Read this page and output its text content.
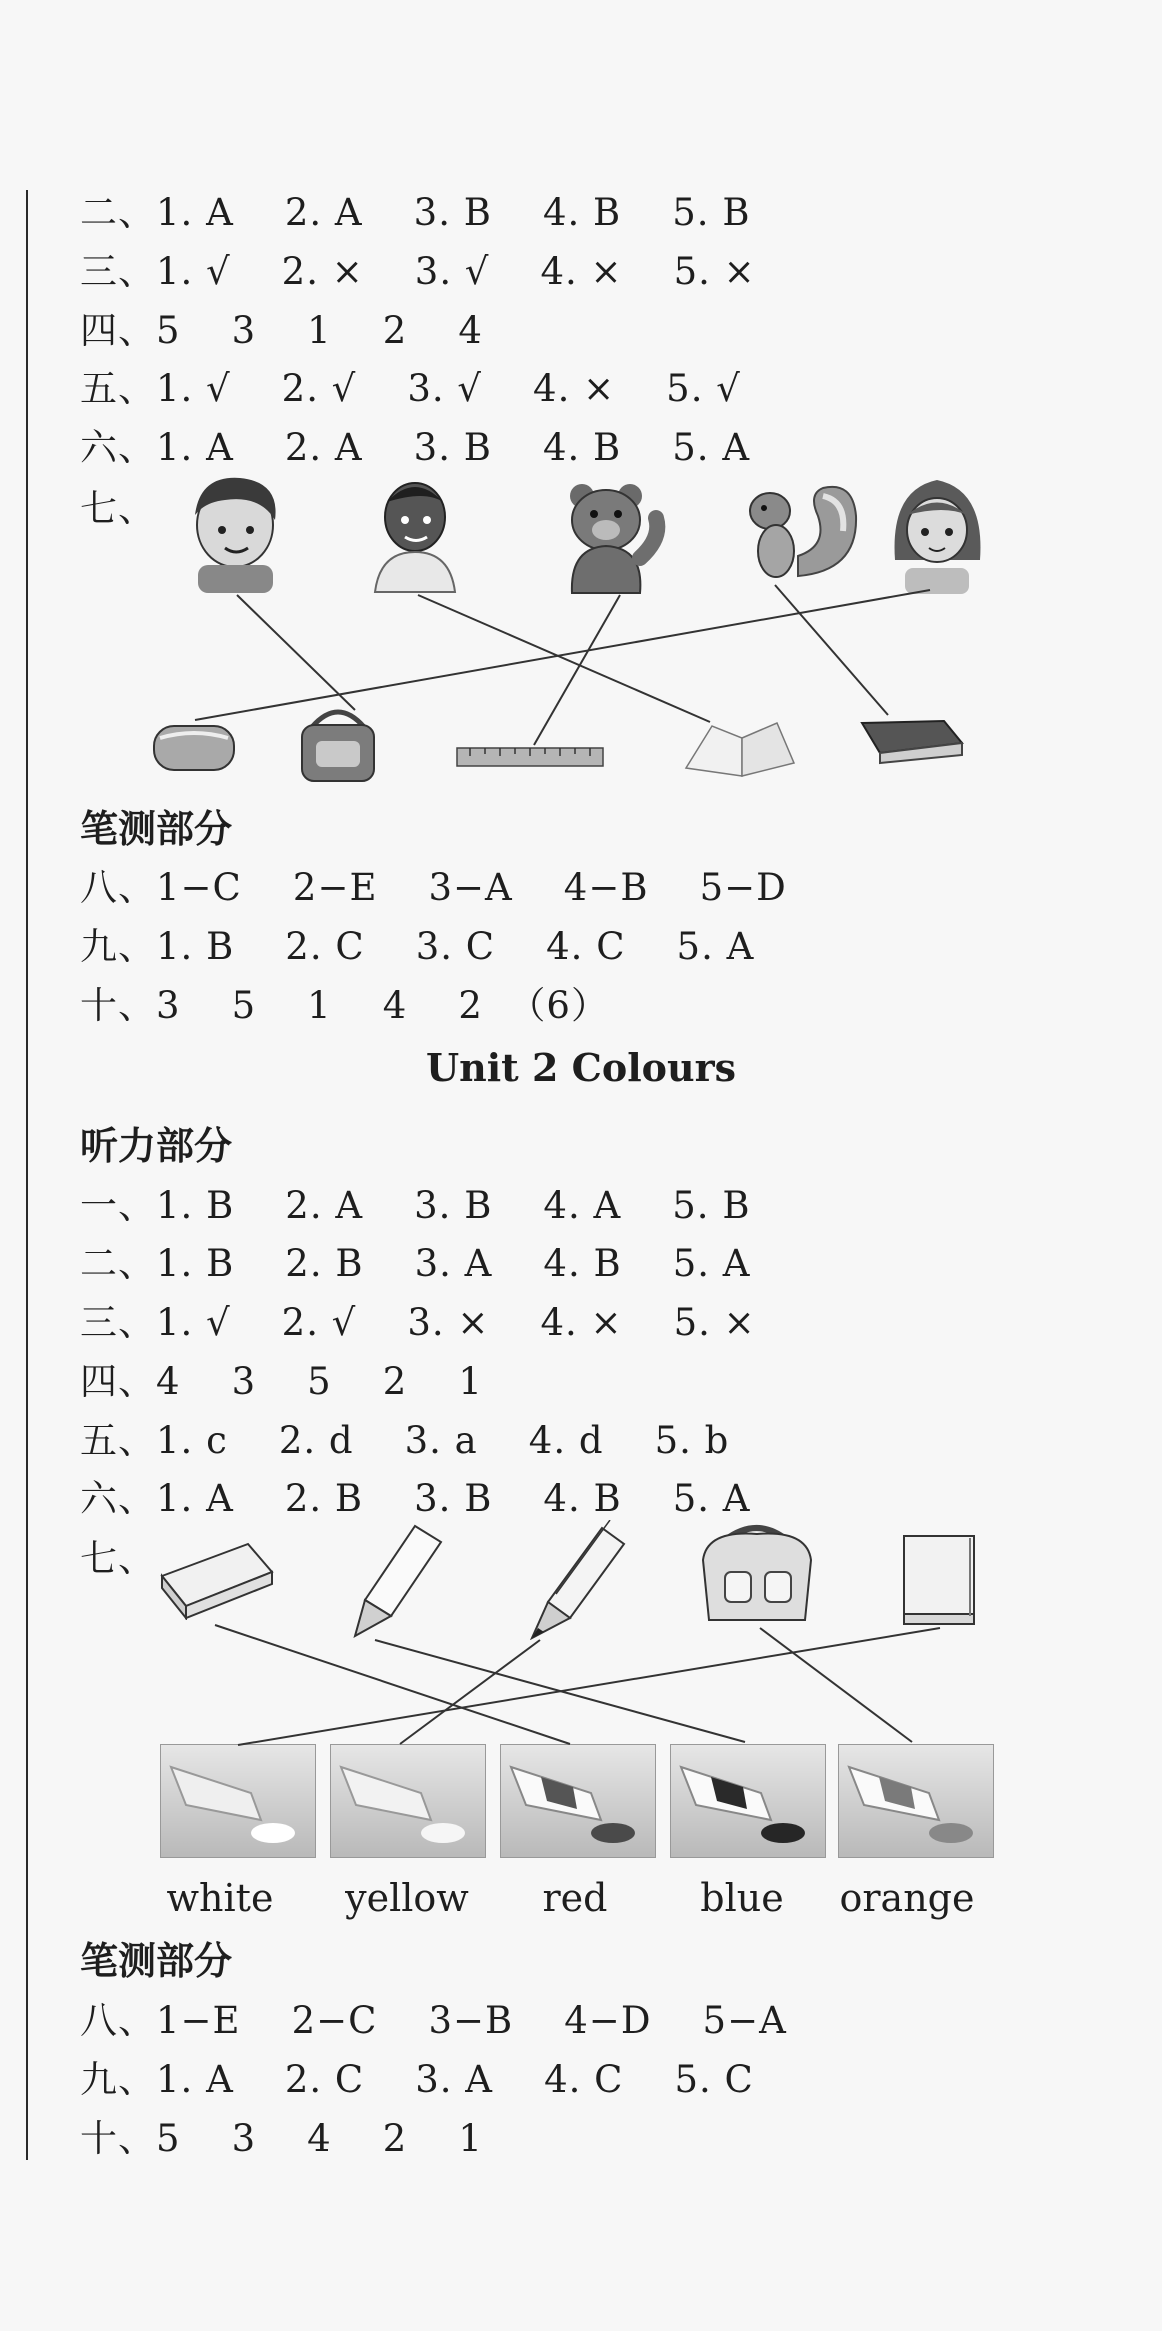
二、1. A    2. A    3. B    4. B    5. B
三、1. √    2. ×    3. √    4. ×    5. ×
四、5    3    1    2    4
五、1. √    2. √    3. √    4. ×    5. √
六、1. A    2. A    3. B    4. B    5. A
七、
笔测部分
八、1−C    2−E    3−A    4−B    5−D
九、1. B    2. C    3. C    4. C    5. A
十、3    5    1    4    2  （6）
Unit 2 Colours
听力部分
一、1. B    2. A    3. B    4. A    5. B
二、1. B    2. B    3. A    4. B    5. A
三、1. √    2. √    3. ×    4. ×    5. ×
四、4    3    5    2    1
五、1. c    2. d    3. a    4. d    5. b
六、1. A    2. B    3. B    4. B    5. A
七、
white	yellow	red	blue	orange
笔测部分
八、1−E    2−C    3−B    4−D    5−A
九、1. A    2. C    3. A    4. C    5. C
十、5    3    4    2    1
